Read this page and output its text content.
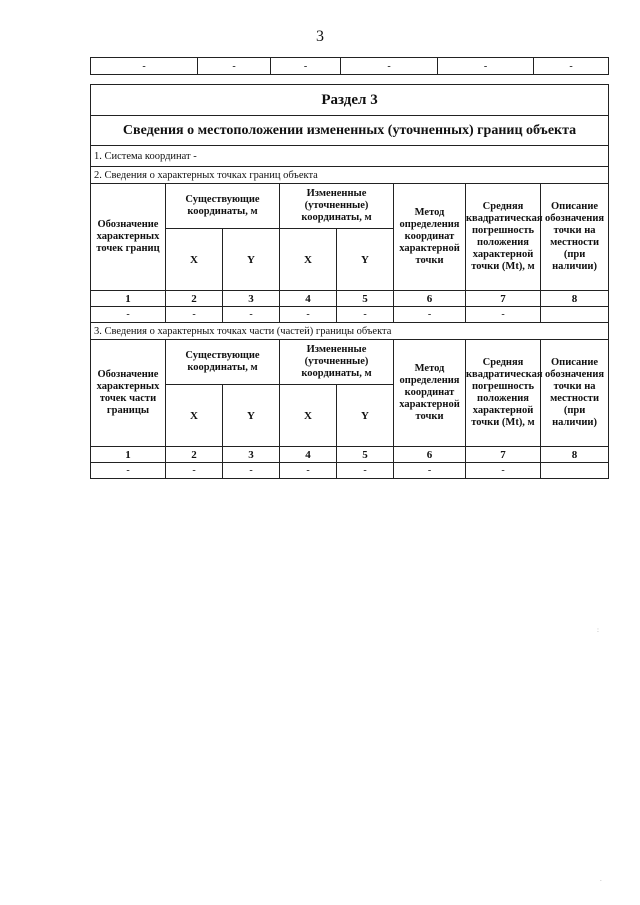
3
-	-	-	-	-	-
Раздел 3							
Сведения о местоположении измененных (уточненных) границ объекта							
1. Система координат -							
2. Сведения о характерных точках границ объекта							
Обозначение характерных точек границ	Существующие координаты, м		Измененные (уточненные) координаты, м		Метод определения координат характерной точки	Средняя квадратическая погрешность положения характерной точки (Мt), м	Описание обозначения точки на местности (при наличии)
	X	Y	X	Y			
1	2	3	4	5	6	7	8
-	-	-	-	-	-	-	
3. Сведения о характерных точках части (частей) границы объекта							
Обозначение характерных точек части границы	Существующие координаты, м		Измененные (уточненные) координаты, м		Метод определения координат характерной точки	Средняя квадратическая погрешность положения характерной точки (Мt), м	Описание обозначения точки на местности (при наличии)
	X	Y	X	Y			
1	2	3	4	5	6	7	8
-	-	-	-	-	-	-	
:
.
